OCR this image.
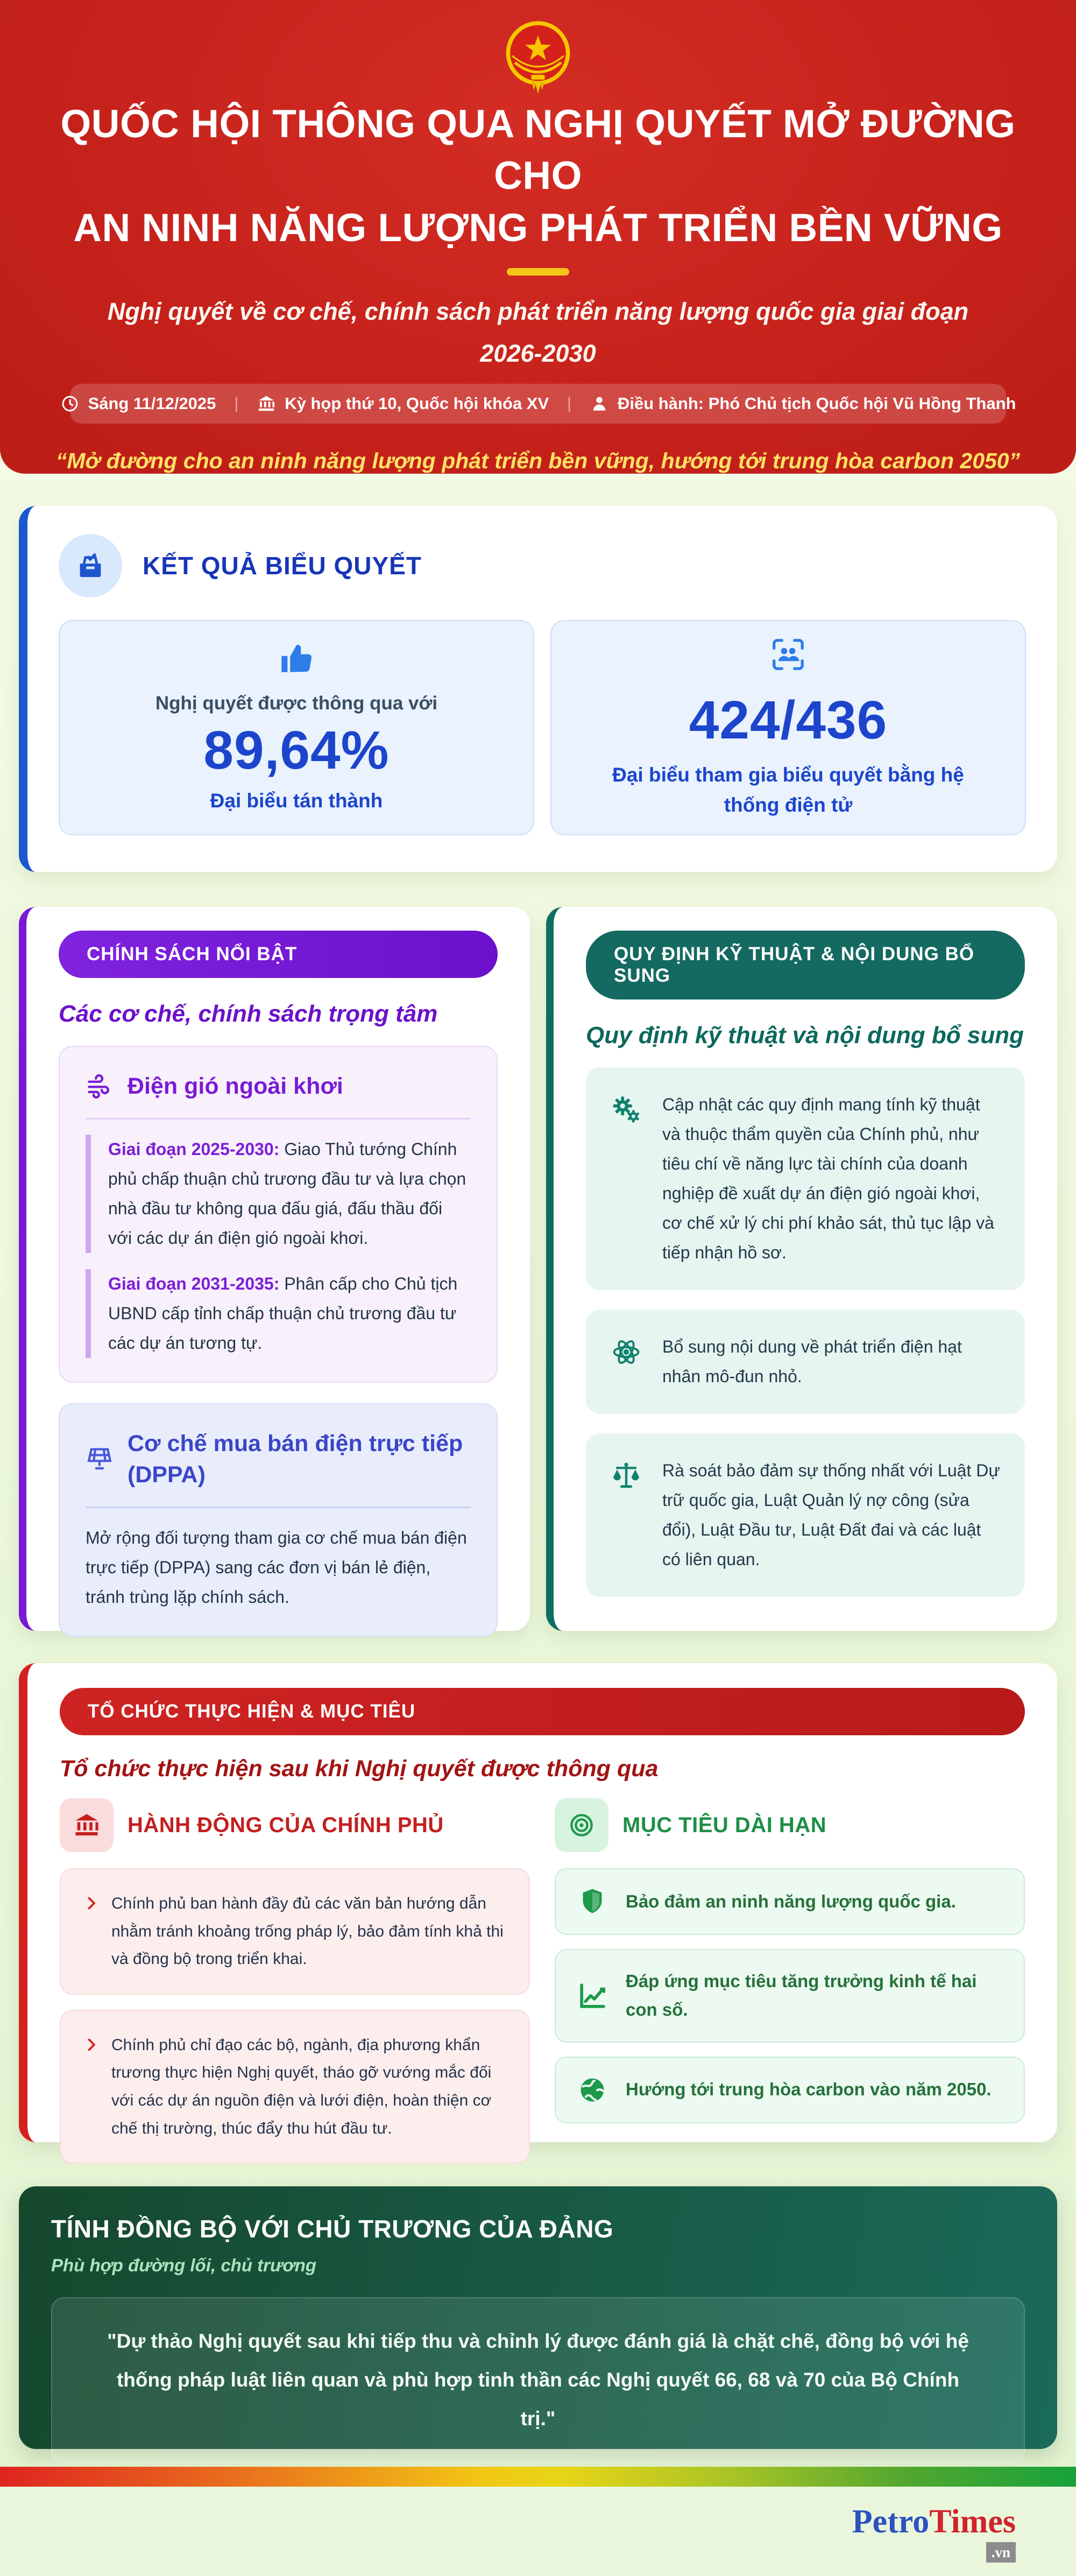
QUỐC HỘI THÔNG QUA NGHỊ QUYẾT MỞ ĐƯỜNG CHO
AN NINH NĂNG LƯỢNG PHÁT TRIỂN BỀN VỮNG

Nghị quyết về cơ chế, chính sách phát triển năng lượng quốc gia giai đoạn 2026-2030

Sáng 11/12/2025 |	Kỳ họp thứ 10, Quốc hội khóa XV |	Điều hành: Phó Chủ tịch Quốc hội Vũ Hồng Thanh

“Mở đường cho an ninh năng lượng phát triển bền vững, hướng tới trung hòa carbon 2050”

KẾT QUẢ BIỂU QUYẾT

Nghị quyết được thông qua với

89,64%

Đại biểu tán thành

424/436

Đại biểu tham gia biểu quyết bằng hệ thống điện tử

CHÍNH SÁCH NỔI BẬT
Các cơ chế, chính sách trọng tâm
Điện gió ngoài khơi

Giai đoạn 2025-2030: Giao Thủ tướng Chính phủ chấp thuận chủ trương đầu tư và lựa chọn nhà đầu tư không qua đấu giá, đấu thầu đối với các dự án điện gió ngoài khơi.

Giai đoạn 2031-2035: Phân cấp cho Chủ tịch UBND cấp tỉnh chấp thuận chủ trương đầu tư các dự án tương tự.

Cơ chế mua bán điện trực tiếp (DPPA)

Mở rộng đối tượng tham gia cơ chế mua bán điện trực tiếp (DPPA) sang các đơn vị bán lẻ điện, tránh trùng lặp chính sách.

QUY ĐỊNH KỸ THUẬT & NỘI DUNG BỔ SUNG
Quy định kỹ thuật và nội dung bổ sung

Cập nhật các quy định mang tính kỹ thuật và thuộc thẩm quyền của Chính phủ, như tiêu chí về năng lực tài chính của doanh nghiệp đề xuất dự án điện gió ngoài khơi, cơ chế xử lý chi phí khảo sát, thủ tục lập và tiếp nhận hồ sơ.

Bổ sung nội dung về phát triển điện hạt nhân mô-đun nhỏ.

Rà soát bảo đảm sự thống nhất với Luật Dự trữ quốc gia, Luật Quản lý nợ công (sửa đổi), Luật Đầu tư, Luật Đất đai và các luật có liên quan.

TỔ CHỨC THỰC HIỆN & MỤC TIÊU
Tổ chức thực hiện sau khi Nghị quyết được thông qua
HÀNH ĐỘNG CỦA CHÍNH PHỦ

Chính phủ ban hành đầy đủ các văn bản hướng dẫn nhằm tránh khoảng trống pháp lý, bảo đảm tính khả thi và đồng bộ trong triển khai.

Chính phủ chỉ đạo các bộ, ngành, địa phương khẩn trương thực hiện Nghị quyết, tháo gỡ vướng mắc đối với các dự án nguồn điện và lưới điện, hoàn thiện cơ chế thị trường, thúc đẩy thu hút đầu tư.

MỤC TIÊU DÀI HẠN

Bảo đảm an ninh năng lượng quốc gia.

Đáp ứng mục tiêu tăng trưởng kinh tế hai con số.

Hướng tới trung hòa carbon vào năm 2050.

TÍNH ĐỒNG BỘ VỚI CHỦ TRƯƠNG CỦA ĐẢNG

Phù hợp đường lối, chủ trương

"Dự thảo Nghị quyết sau khi tiếp thu và chỉnh lý được đánh giá là chặt chẽ, đồng bộ với hệ thống pháp luật liên quan và phù hợp tinh thần các Nghị quyết 66, 68 và 70 của Bộ Chính trị."
PetroTimes
.vn
